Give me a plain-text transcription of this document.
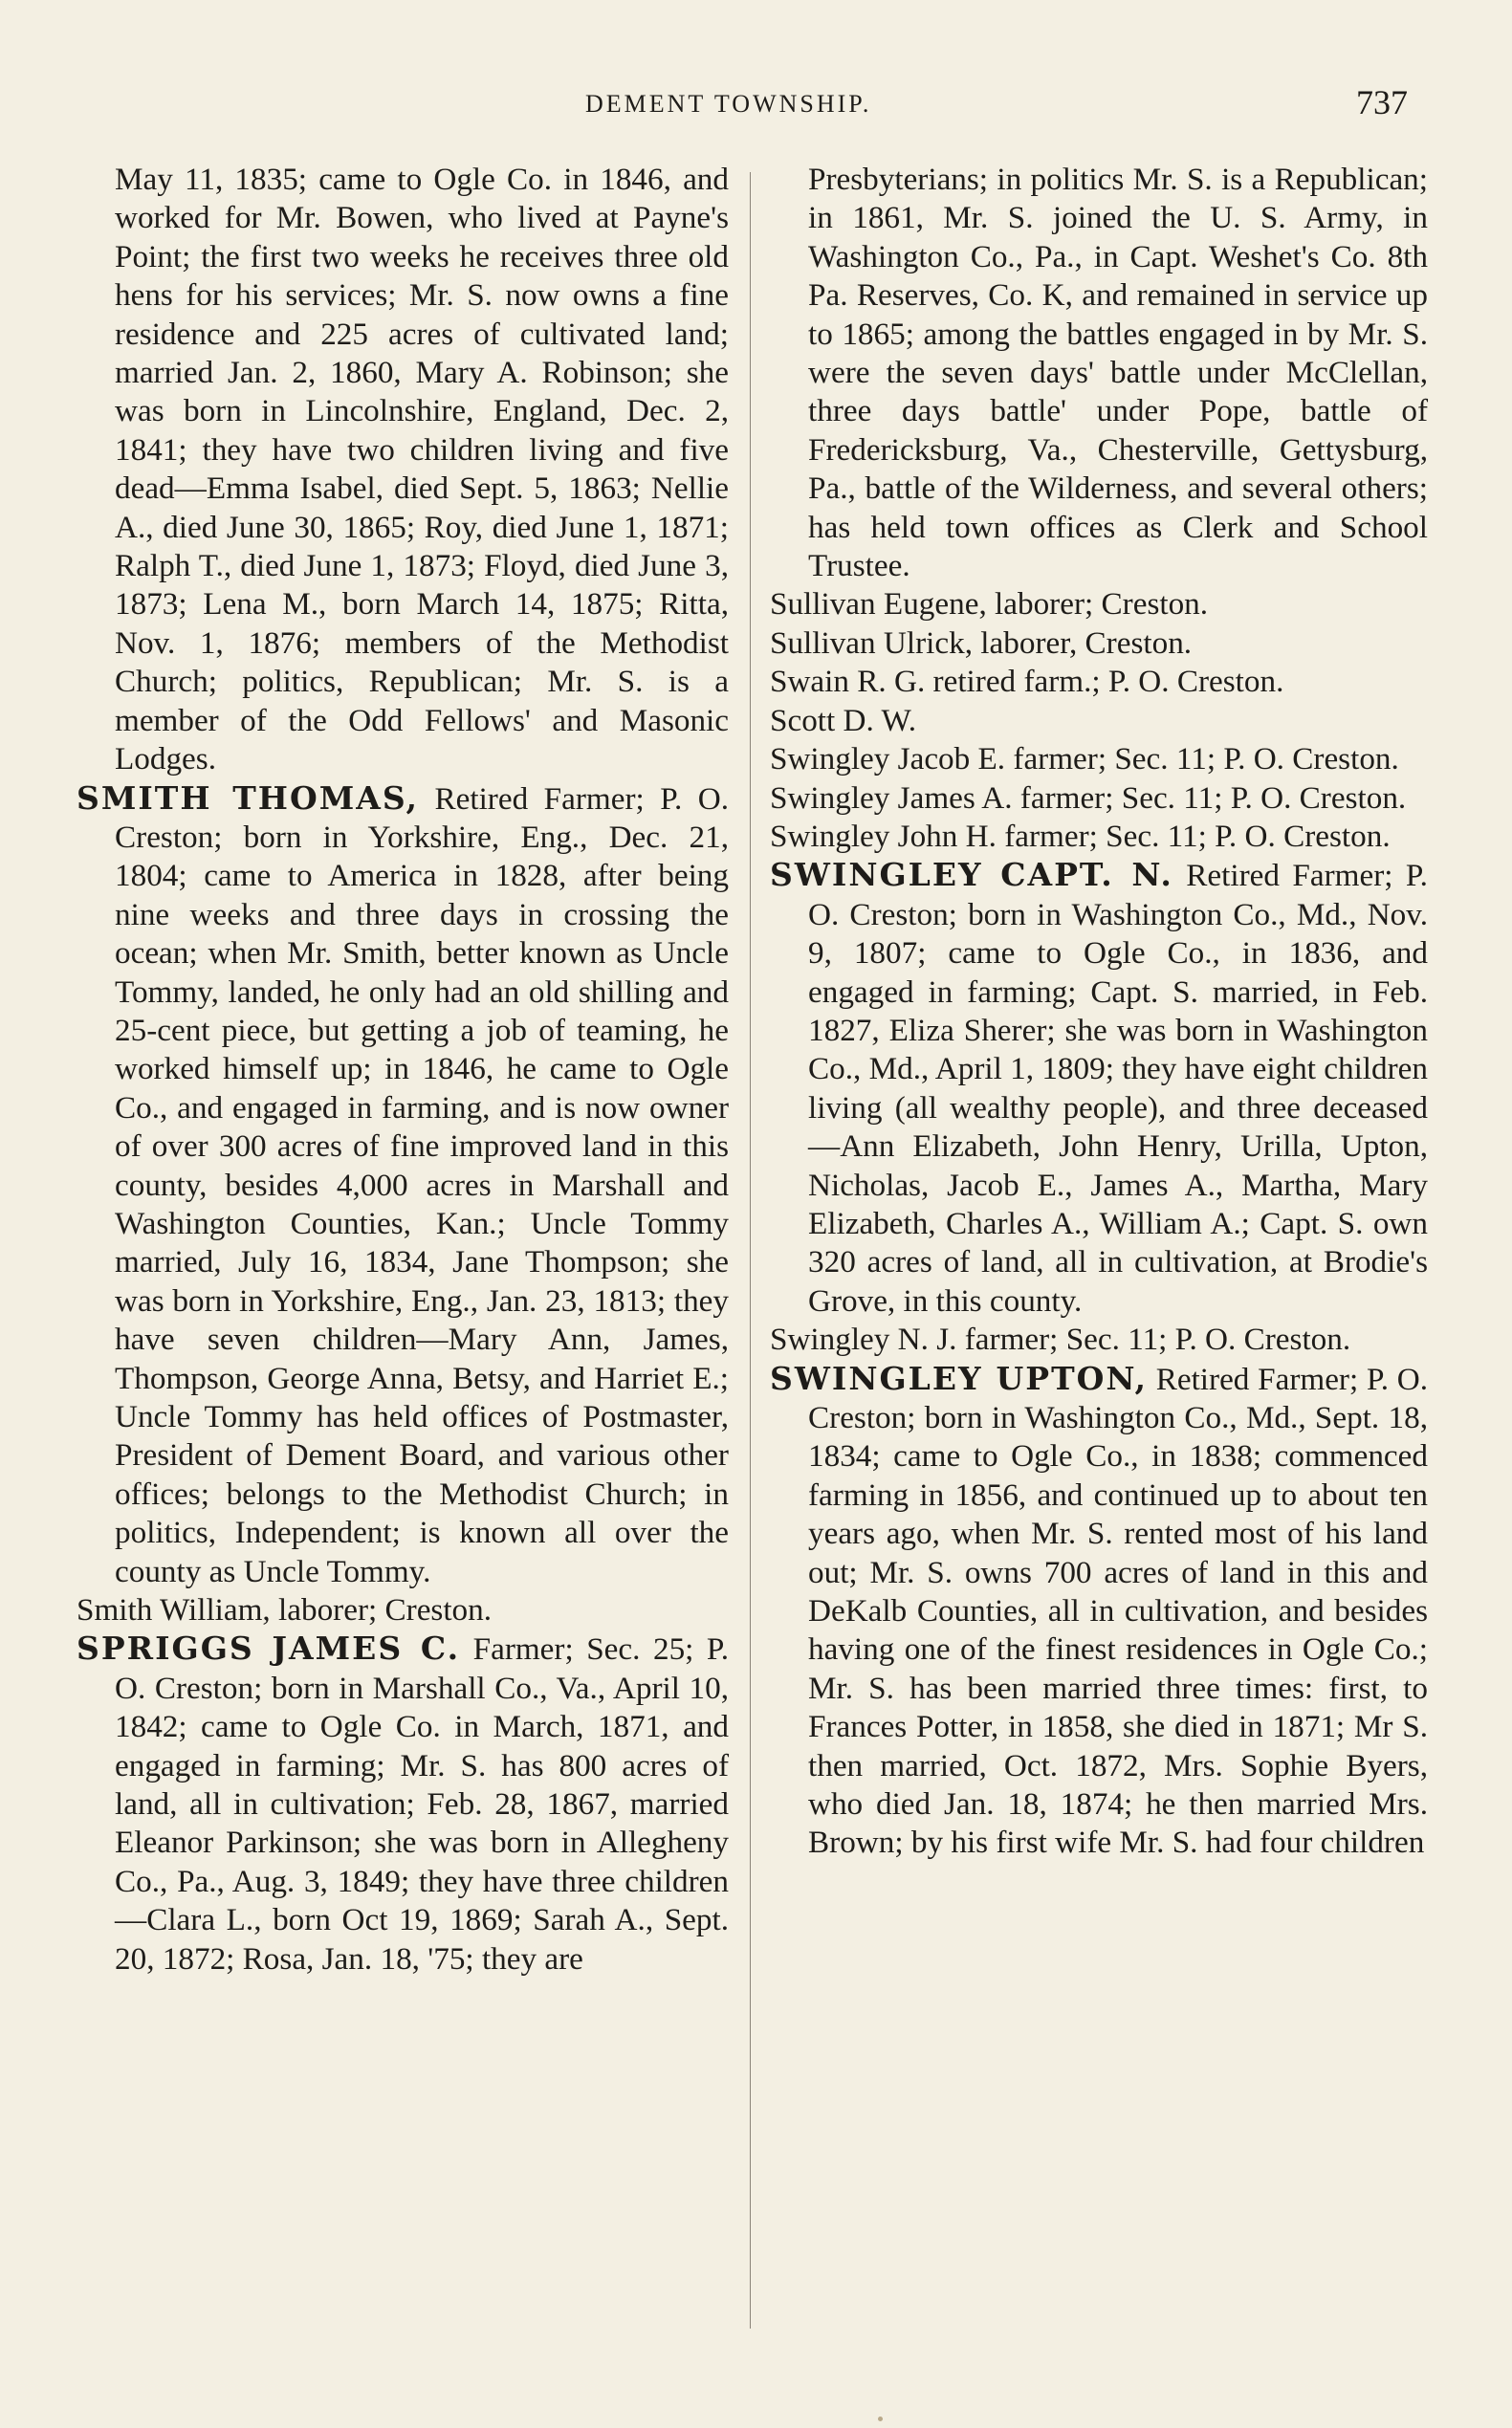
DEMENT TOWNSHIP.	737

May 11, 1835; came to Ogle Co. in 1846, and worked for Mr. Bowen, who lived at Payne's Point; the first two weeks he receives three old hens for his services; Mr. S. now owns a fine residence and 225 acres of cultivated land; married Jan. 2, 1860, Mary A. Robinson; she was born in Lincolnshire, England, Dec. 2, 1841; they have two children living and five dead—Emma Isabel, died Sept. 5, 1863; Nellie A., died June 30, 1865; Roy, died June 1, 1871; Ralph T., died June 1, 1873; Floyd, died June 3, 1873; Lena M., born March 14, 1875; Ritta, Nov. 1, 1876; members of the Methodist Church; politics, Republican; Mr. S. is a member of the Odd Fellows' and Masonic Lodges.

SMITH THOMAS, Retired Farmer; P. O. Creston; born in Yorkshire, Eng., Dec. 21, 1804; came to America in 1828, after being nine weeks and three days in crossing the ocean; when Mr. Smith, better known as Uncle Tommy, landed, he only had an old shilling and 25-cent piece, but getting a job of teaming, he worked himself up; in 1846, he came to Ogle Co., and engaged in farming, and is now owner of over 300 acres of fine improved land in this county, besides 4,000 acres in Marshall and Washington Counties, Kan.; Uncle Tommy married, July 16, 1834, Jane Thompson; she was born in Yorkshire, Eng., Jan. 23, 1813; they have seven children—Mary Ann, James, Thompson, George Anna, Betsy, and Harriet E.; Uncle Tommy has held offices of Postmaster, President of Dement Board, and various other offices; belongs to the Methodist Church; in politics, Independent; is known all over the county as Uncle Tommy.

Smith William, laborer; Creston.

SPRIGGS JAMES C. Farmer; Sec. 25; P. O. Creston; born in Marshall Co., Va., April 10, 1842; came to Ogle Co. in March, 1871, and engaged in farming; Mr. S. has 800 acres of land, all in cultivation; Feb. 28, 1867, married Eleanor Parkinson; she was born in Allegheny Co., Pa., Aug. 3, 1849; they have three children—Clara L., born Oct 19, 1869; Sarah A., Sept. 20, 1872; Rosa, Jan. 18, '75; they are

Presbyterians; in politics Mr. S. is a Republican; in 1861, Mr. S. joined the U. S. Army, in Washington Co., Pa., in Capt. Weshet's Co. 8th Pa. Reserves, Co. K, and remained in service up to 1865; among the battles engaged in by Mr. S. were the seven days' battle under McClellan, three days battle' under Pope, battle of Fredericksburg, Va., Chesterville, Gettysburg, Pa., battle of the Wilderness, and several others; has held town offices as Clerk and School Trustee.

Sullivan Eugene, laborer; Creston.

Sullivan Ulrick, laborer, Creston.

Swain R. G. retired farm.; P. O. Creston.

Scott D. W.

Swingley Jacob E. farmer; Sec. 11; P. O. Creston.

Swingley James A. farmer; Sec. 11; P. O. Creston.

Swingley John H. farmer; Sec. 11; P. O. Creston.

SWINGLEY CAPT. N. Retired Farmer; P. O. Creston; born in Washington Co., Md., Nov. 9, 1807; came to Ogle Co., in 1836, and engaged in farming; Capt. S. married, in Feb. 1827, Eliza Sherer; she was born in Washington Co., Md., April 1, 1809; they have eight children living (all wealthy people), and three deceased—Ann Elizabeth, John Henry, Urilla, Upton, Nicholas, Jacob E., James A., Martha, Mary Elizabeth, Charles A., William A.; Capt. S. own 320 acres of land, all in cultivation, at Brodie's Grove, in this county.

Swingley N. J. farmer; Sec. 11; P. O. Creston.

SWINGLEY UPTON, Retired Farmer; P. O. Creston; born in Washington Co., Md., Sept. 18, 1834; came to Ogle Co., in 1838; commenced farming in 1856, and continued up to about ten years ago, when Mr. S. rented most of his land out; Mr. S. owns 700 acres of land in this and DeKalb Counties, all in cultivation, and besides having one of the finest residences in Ogle Co.; Mr. S. has been married three times: first, to Frances Potter, in 1858, she died in 1871; Mr S. then married, Oct. 1872, Mrs. Sophie Byers, who died Jan. 18, 1874; he then married Mrs. Brown; by his first wife Mr. S. had four children
